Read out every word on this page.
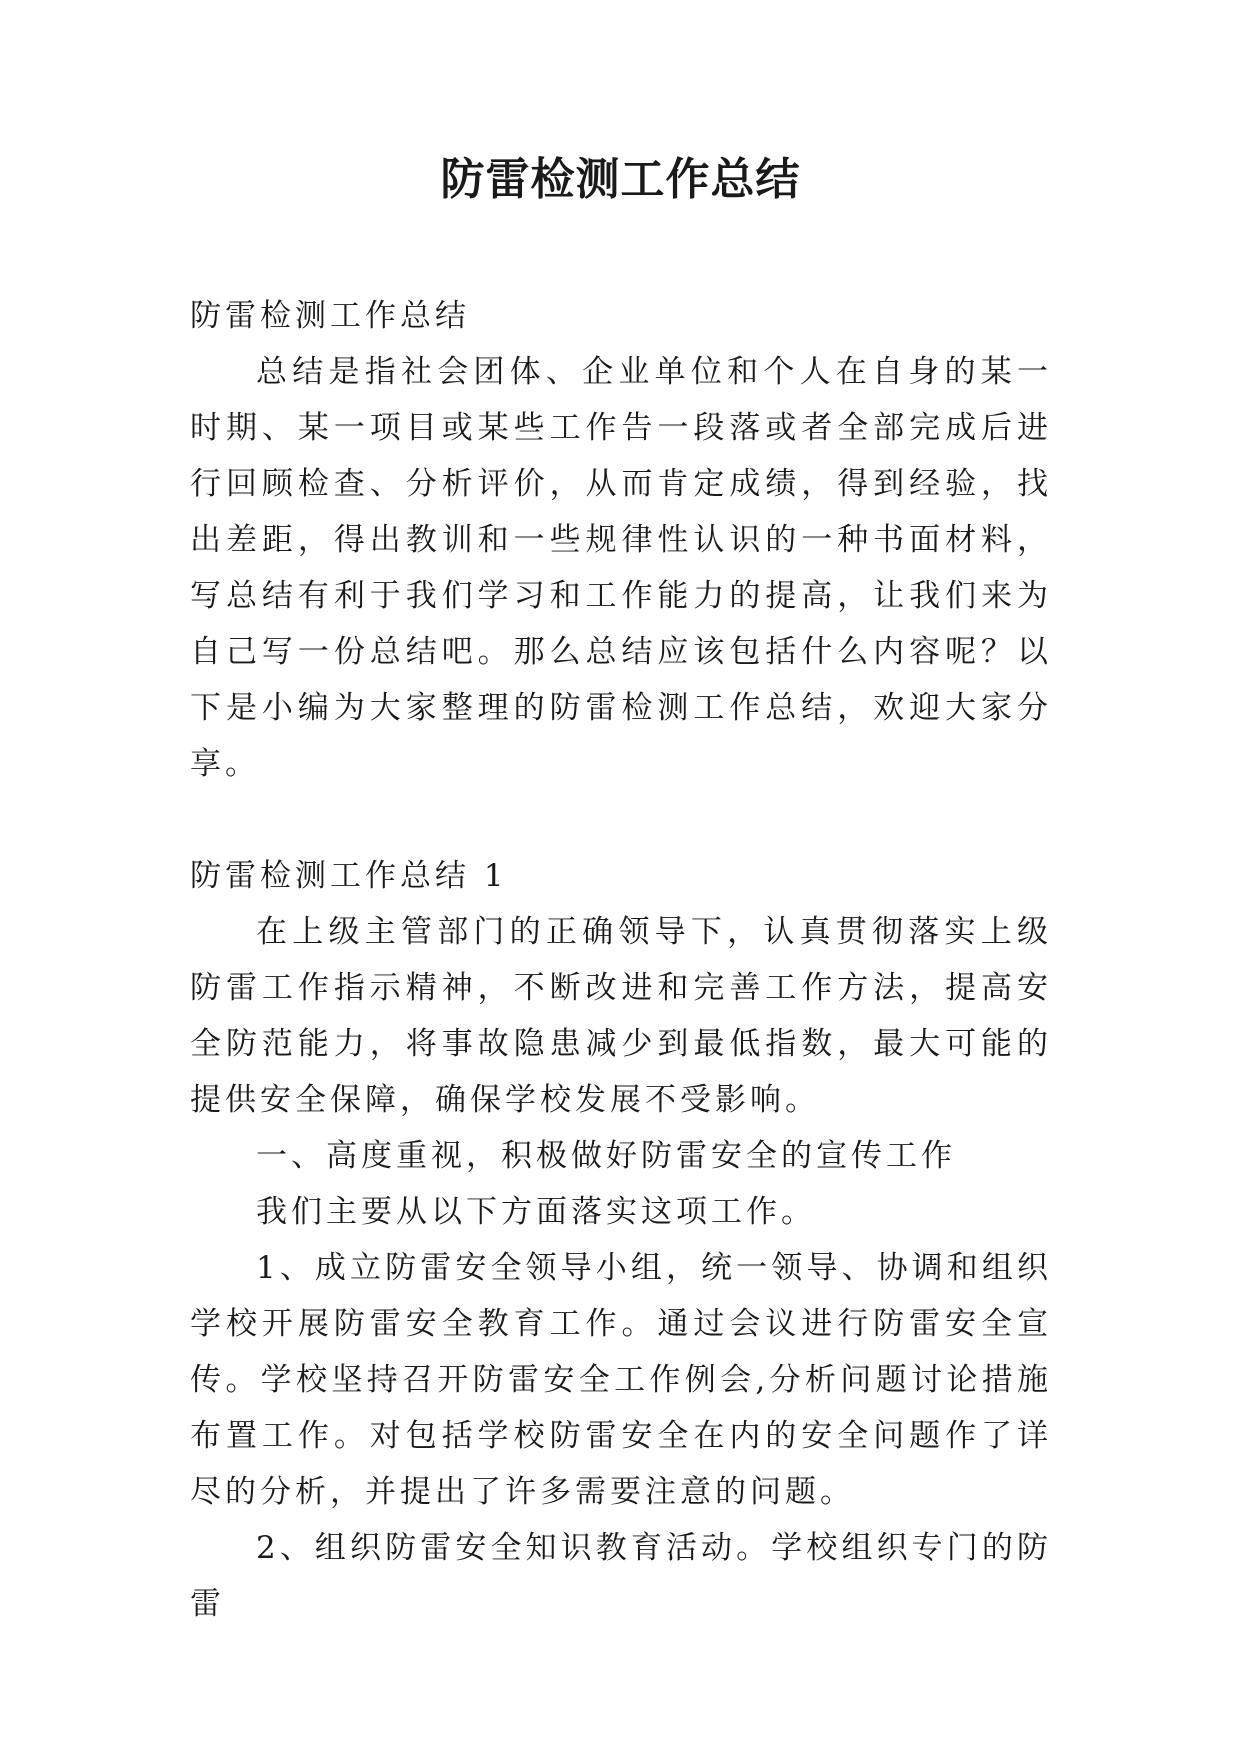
防雷检测工作总结

防雷检测工作总结

总结是指社会团体、企业单位和个人在自身的某一时期、某一项目或某些工作告一段落或者全部完成后进行回顾检查、分析评价，从而肯定成绩，得到经验，找出差距，得出教训和一些规律性认识的一种书面材料，写总结有利于我们学习和工作能力的提高，让我们来为自己写一份总结吧。那么总结应该包括什么内容呢？以下是小编为大家整理的防雷检测工作总结，欢迎大家分享。

防雷检测工作总结 1

在上级主管部门的正确领导下，认真贯彻落实上级防雷工作指示精神，不断改进和完善工作方法，提高安全防范能力，将事故隐患减少到最低指数，最大可能的提供安全保障，确保学校发展不受影响。

一、高度重视，积极做好防雷安全的宣传工作

我们主要从以下方面落实这项工作。

1、成立防雷安全领导小组，统一领导、协调和组织学校开展防雷安全教育工作。通过会议进行防雷安全宣传。学校坚持召开防雷安全工作例会,分析问题讨论措施布置工作。对包括学校防雷安全在内的安全问题作了详尽的分析，并提出了许多需要注意的问题。

2、组织防雷安全知识教育活动。学校组织专门的防雷
